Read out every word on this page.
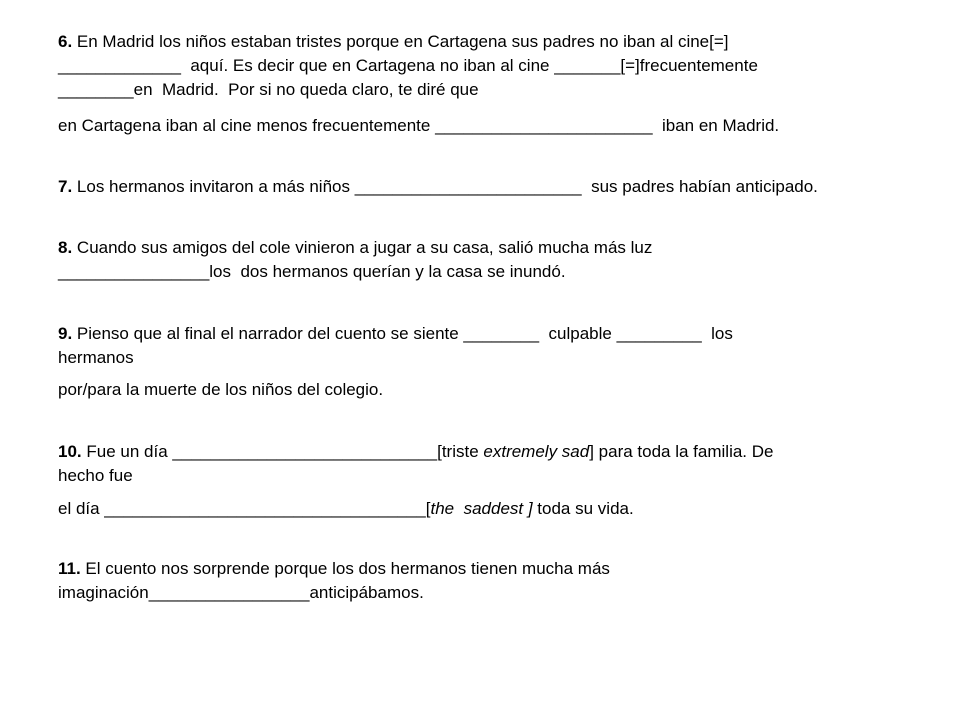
6. En Madrid los niños estaban tristes porque en Cartagena sus padres no iban al cine[=]
_____________  aquí. Es decir que en Cartagena no iban al cine _______[=]frecuentemente
________en  Madrid.  Por si no queda claro, te diré que

en Cartagena iban al cine menos frecuentemente _______________________  iban en Madrid.

7. Los hermanos invitaron a más niños ________________________  sus padres habían anticipado.

8. Cuando sus amigos del cole vinieron a jugar a su casa, salió mucha más luz
________________los  dos hermanos querían y la casa se inundó.

9. Pienso que al final el narrador del cuento se siente ________  culpable _________  los
hermanos

por/para la muerte de los niños del colegio.

10. Fue un día ____________________________[triste extremely sad] para toda la familia. De
hecho fue

el día __________________________________[the  saddest ] toda su vida.

11. El cuento nos sorprende porque los dos hermanos tienen mucha más
imaginación_________________anticipábamos.
